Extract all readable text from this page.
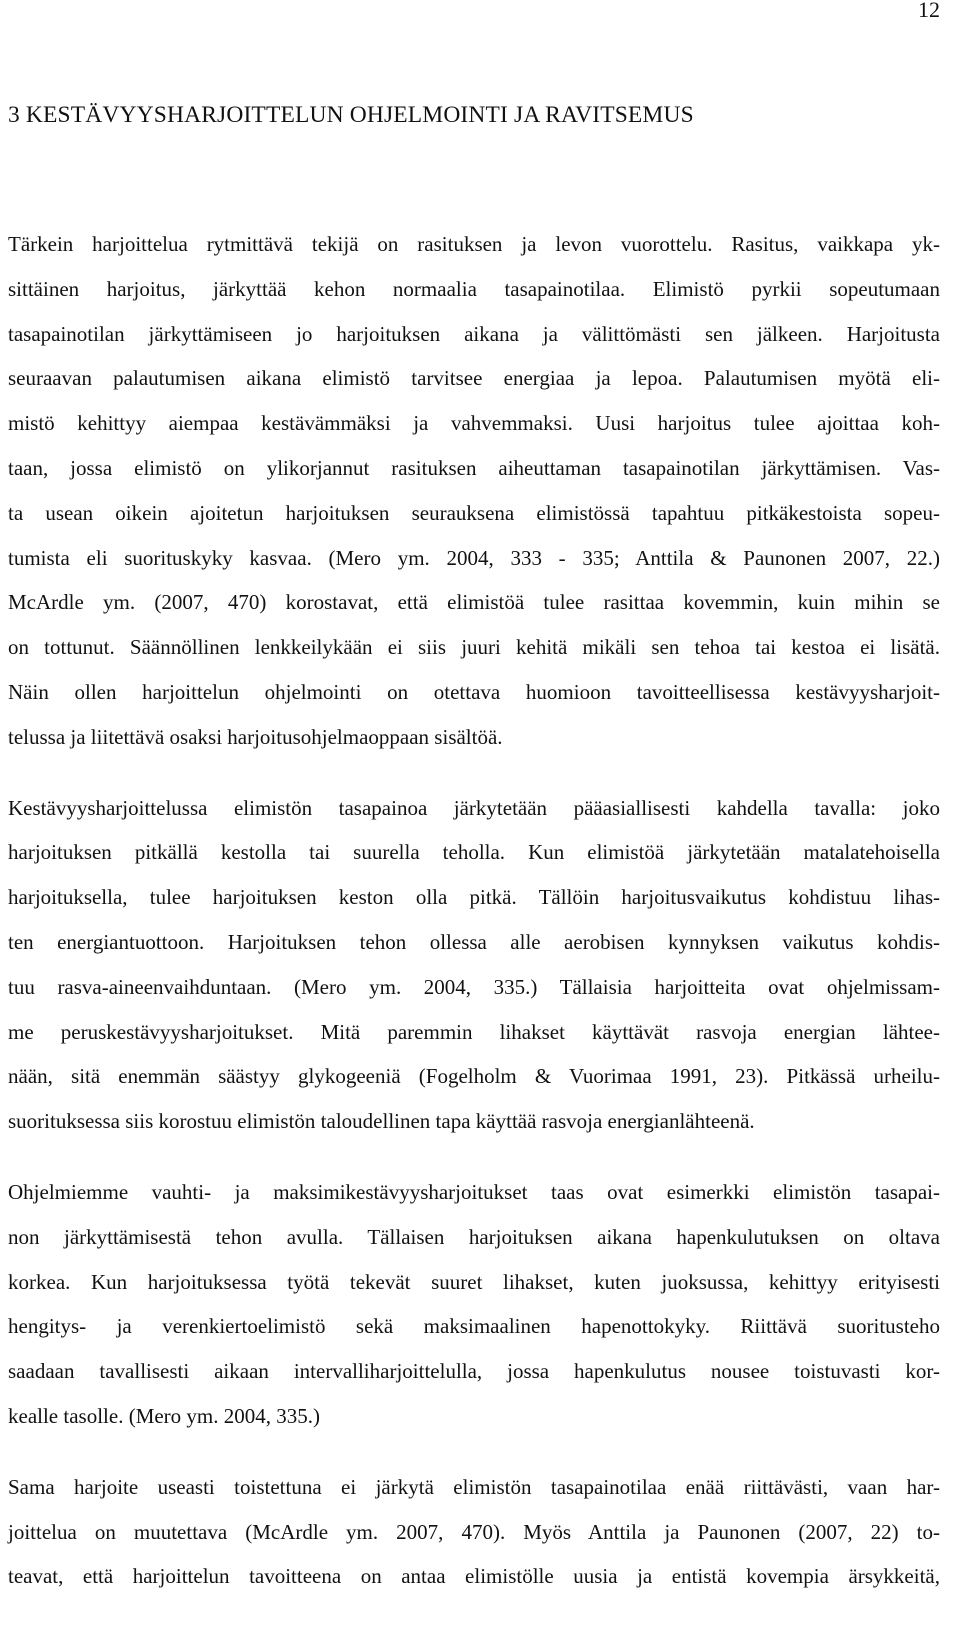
12
3 KESTÄVYYSHARJOITTELUN OHJELMOINTI JA RAVITSEMUS
Tärkein harjoittelua rytmittävä tekijä on rasituksen ja levon vuorottelu. Rasitus, vaikkapa yk-
sittäinen harjoitus, järkyttää kehon normaalia tasapainotilaa. Elimistö pyrkii sopeutumaan
tasapainotilan järkyttämiseen jo harjoituksen aikana ja välittömästi sen jälkeen. Harjoitusta
seuraavan palautumisen aikana elimistö tarvitsee energiaa ja lepoa. Palautumisen myötä eli-
mistö kehittyy aiempaa kestävämmäksi ja vahvemmaksi. Uusi harjoitus tulee ajoittaa koh-
taan, jossa elimistö on ylikorjannut rasituksen aiheuttaman tasapainotilan järkyttämisen. Vas-
ta usean oikein ajoitetun harjoituksen seurauksena elimistössä tapahtuu pitkäkestoista sopeu-
tumista eli suorituskyky kasvaa. (Mero ym. 2004, 333 - 335; Anttila & Paunonen 2007, 22.)
McArdle ym. (2007, 470) korostavat, että elimistöä tulee rasittaa kovemmin, kuin mihin se
on tottunut. Säännöllinen lenkkeilykään ei siis juuri kehitä mikäli sen tehoa tai kestoa ei lisätä.
Näin ollen harjoittelun ohjelmointi on otettava huomioon tavoitteellisessa kestävyysharjoit-
telussa ja liitettävä osaksi harjoitusohjelmaoppaan sisältöä.
Kestävyysharjoittelussa elimistön tasapainoa järkytetään pääasiallisesti kahdella tavalla: joko
harjoituksen pitkällä kestolla tai suurella teholla. Kun elimistöä järkytetään matalatehoisella
harjoituksella, tulee harjoituksen keston olla pitkä. Tällöin harjoitusvaikutus kohdistuu lihas-
ten energiantuottoon. Harjoituksen tehon ollessa alle aerobisen kynnyksen vaikutus kohdis-
tuu rasva-aineenvaihduntaan. (Mero ym. 2004, 335.) Tällaisia harjoitteita ovat ohjelmissam-
me peruskestävyysharjoitukset. Mitä paremmin lihakset käyttävät rasvoja energian lähtee-
nään, sitä enemmän säästyy glykogeeniä (Fogelholm & Vuorimaa 1991, 23). Pitkässä urheilu-
suorituksessa siis korostuu elimistön taloudellinen tapa käyttää rasvoja energianlähteenä.
Ohjelmiemme vauhti- ja maksimikestävyysharjoitukset taas ovat esimerkki elimistön tasapai-
non järkyttämisestä tehon avulla. Tällaisen harjoituksen aikana hapenkulutuksen on oltava
korkea. Kun harjoituksessa työtä tekevät suuret lihakset, kuten juoksussa, kehittyy erityisesti
hengitys- ja verenkiertoelimistö sekä maksimaalinen hapenottokyky. Riittävä suoritusteho
saadaan tavallisesti aikaan intervalliharjoittelulla, jossa hapenkulutus nousee toistuvasti kor-
kealle tasolle. (Mero ym. 2004, 335.)
Sama harjoite useasti toistettuna ei järkytä elimistön tasapainotilaa enää riittävästi, vaan har-
joittelua on muutettava (McArdle ym. 2007, 470). Myös Anttila ja Paunonen (2007, 22) to-
teavat, että harjoittelun tavoitteena on antaa elimistölle uusia ja entistä kovempia ärsykkeitä,
